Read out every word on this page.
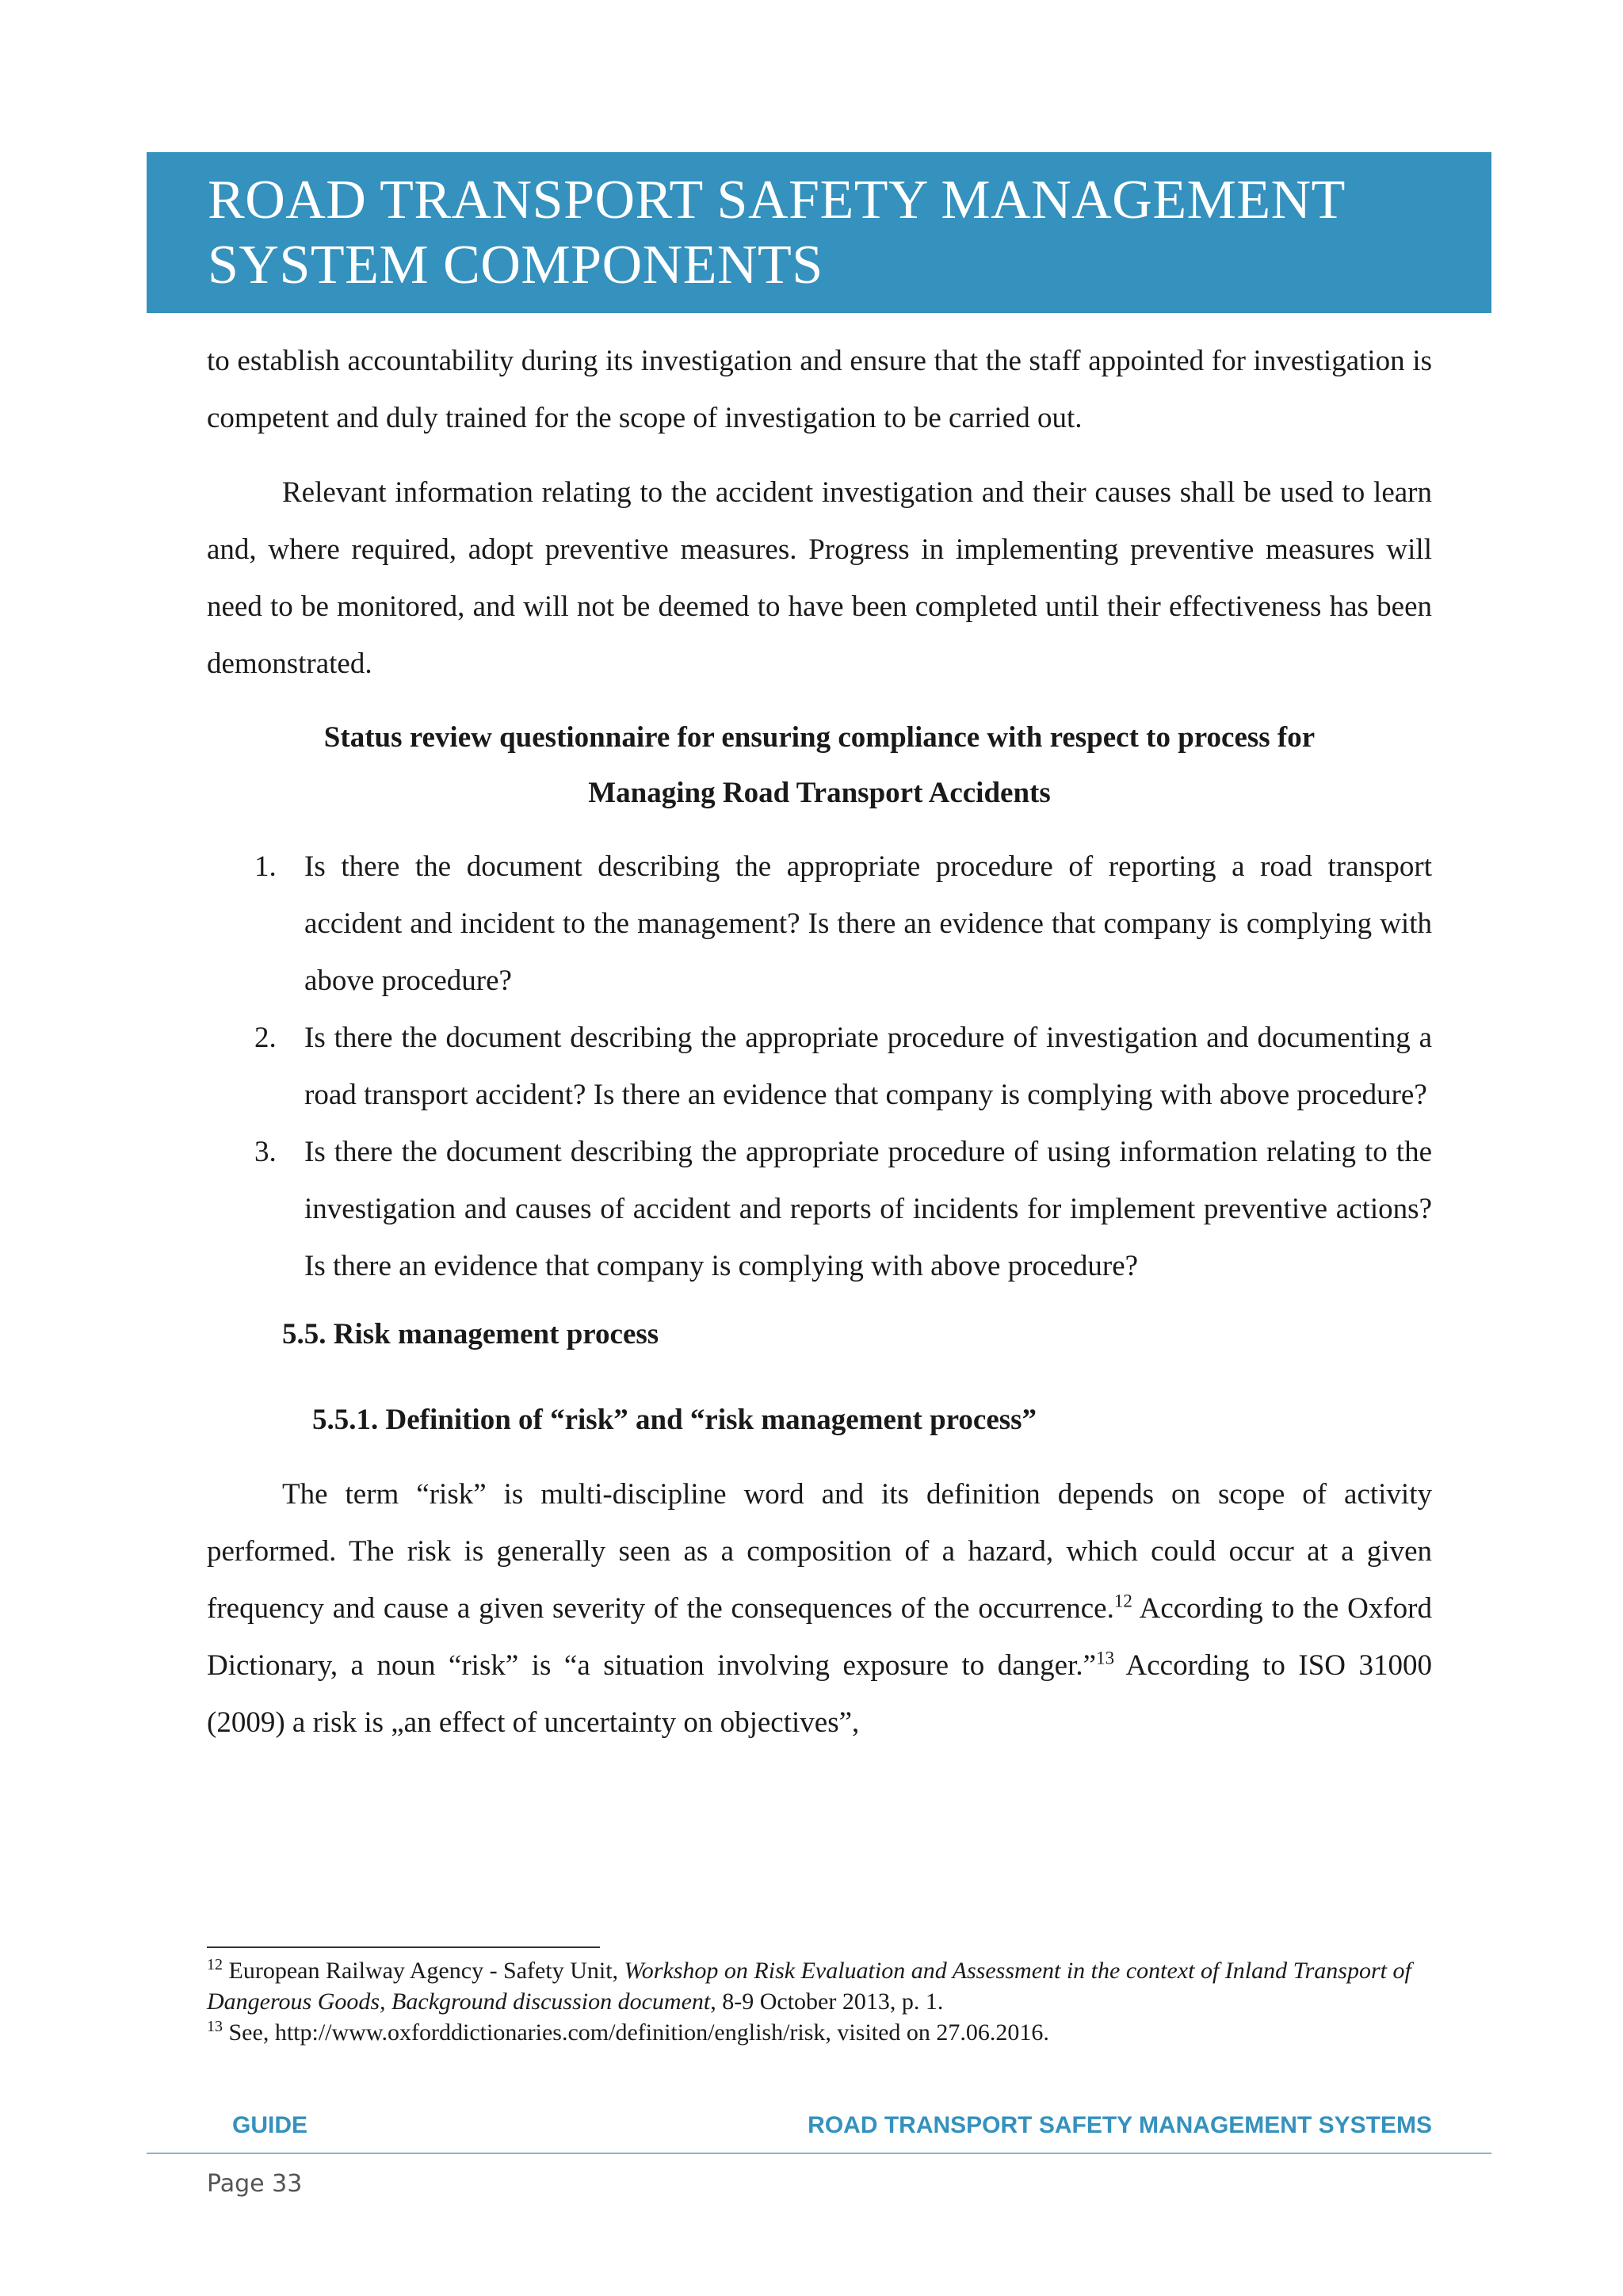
ROAD TRANSPORT SAFETY MANAGEMENT
SYSTEM COMPONENTS

to establish accountability during its investigation and ensure that the staff appointed for investigation is competent and duly trained for the scope of investigation to be carried out.

Relevant information relating to the accident investigation and their causes shall be used to learn and, where required, adopt preventive measures. Progress in implementing preventive measures will need to be monitored, and will not be deemed to have been completed until their effectiveness has been demonstrated.

Status review questionnaire for ensuring compliance with respect to process for
Managing Road Transport Accidents
1. Is there the document describing the appropriate procedure of reporting a road transport accident and incident to the management? Is there an evidence that company is complying with above procedure?
2. Is there the document describing the appropriate procedure of investigation and documenting a road transport accident? Is there an evidence that company is complying with above procedure?
3. Is there the document describing the appropriate procedure of using information relating to the investigation and causes of accident and reports of incidents for implement preventive actions? Is there an evidence that company is complying with above procedure?
5.5. Risk management process
5.5.1. Definition of “risk” and “risk management process”

The term “risk” is multi-discipline word and its definition depends on scope of activity performed. The risk is generally seen as a composition of a hazard, which could occur at a given frequency and cause a given severity of the consequences of the occurrence.$^{12}$ According to the Oxford Dictionary, a noun “risk” is “a situation involving exposure to danger.”$^{13}$ According to ISO 31000 (2009) a risk is „an effect of uncertainty on objectives”,

$^{12}$ European Railway Agency - Safety Unit, Workshop on Risk Evaluation and Assessment in the context of Inland Transport of Dangerous Goods, Background discussion document, 8-9 October 2013, p. 1.

$^{13}$ See, http://www.oxforddictionaries.com/definition/english/risk, visited on 27.06.2016.

GUIDE	ROAD TRANSPORT SAFETY MANAGEMENT SYSTEMS
Page 33
